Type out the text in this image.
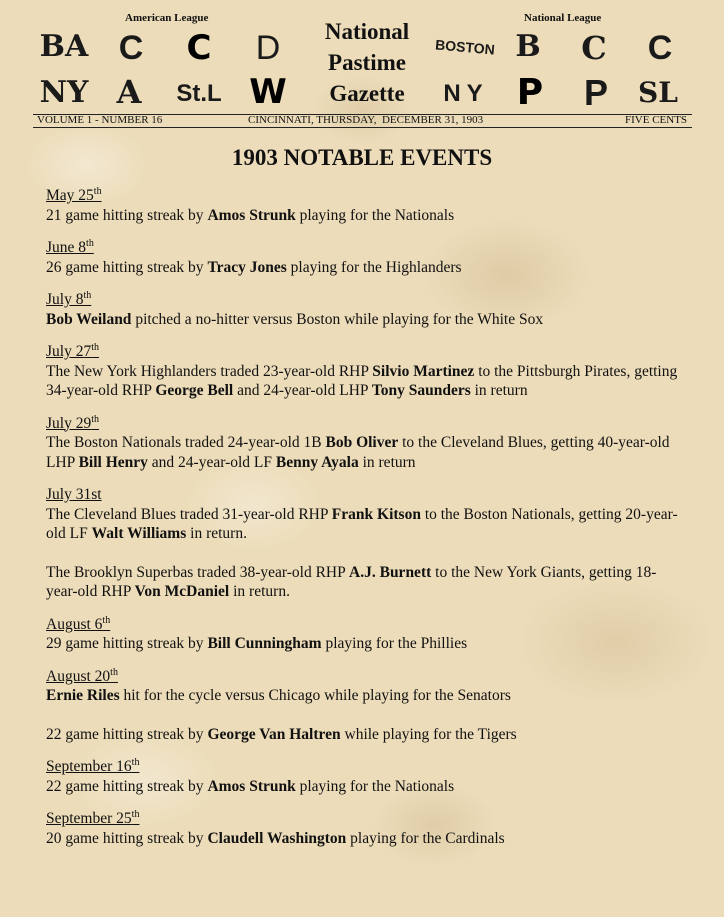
American League	National League
BA C	C	D
NY A	St.L W
National
Pastime
Gazette
BOSTON B	C	C
NY P	P	SL
VOLUME 1 - NUMBER 16	CINCINNATI, THURSDAY,  DECEMBER 31, 1903	FIVE CENTS
1903 NOTABLE EVENTS
May 25th

21 game hitting streak by Amos Strunk playing for the Nationals

June 8th

26 game hitting streak by Tracy Jones playing for the Highlanders

July 8th

Bob Weiland pitched a no-hitter versus Boston while playing for the White Sox

July 27th

The New York Highlanders traded 23-year-old RHP Silvio Martinez to the Pittsburgh Pirates, getting 34-year-old RHP George Bell and 24-year-old LHP Tony Saunders in return

July 29th

The Boston Nationals traded 24-year-old 1B Bob Oliver to the Cleveland Blues, getting 40-year-old LHP Bill Henry and 24-year-old LF Benny Ayala in return

July 31st

The Cleveland Blues traded 31-year-old RHP Frank Kitson to the Boston Nationals, getting 20-year-old LF Walt Williams in return.

The Brooklyn Superbas traded 38-year-old RHP A.J. Burnett to the New York Giants, getting 18-year-old RHP Von McDaniel in return.

August 6th

29 game hitting streak by Bill Cunningham playing for the Phillies

August 20th

Ernie Riles hit for the cycle versus Chicago while playing for the Senators

22 game hitting streak by George Van Haltren while playing for the Tigers

September 16th

22 game hitting streak by Amos Strunk playing for the Nationals

September 25th

20 game hitting streak by Claudell Washington playing for the Cardinals
